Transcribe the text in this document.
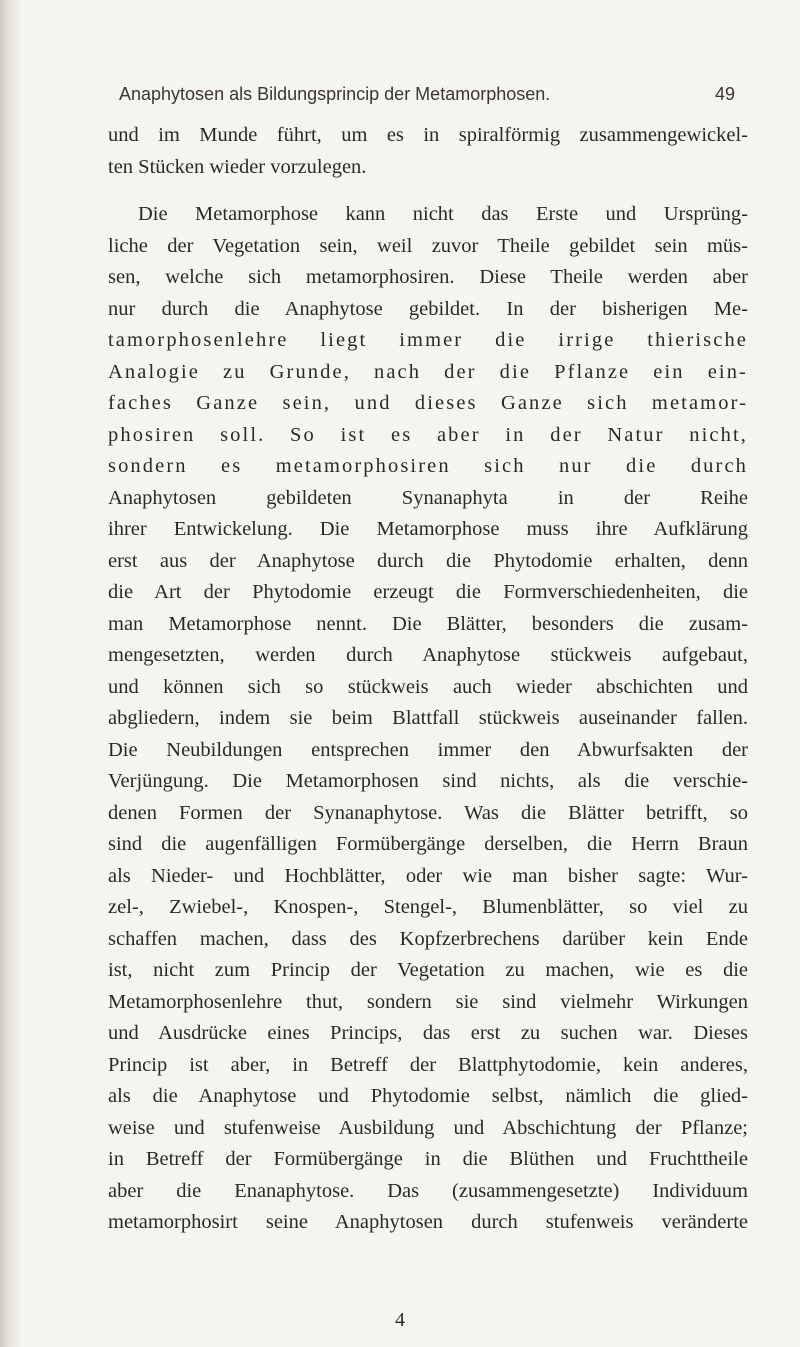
Anaphytosen als Bildungsprincip der Metamorphosen.	49
und im Munde führt, um es in spiralförmig zusammengewickel-
ten Stücken wieder vorzulegen.
Die Metamorphose kann nicht das Erste und Ursprüng-
liche der Vegetation sein, weil zuvor Theile gebildet sein müs-
sen, welche sich metamorphosiren. Diese Theile werden aber
nur durch die Anaphytose gebildet. In der bisherigen Me-
tamorphosenlehre liegt immer die irrige thierische
Analogie zu Grunde, nach der die Pflanze ein ein-
faches Ganze sein, und dieses Ganze sich metamor-
phosiren soll. So ist es aber in der Natur nicht,
sondern es metamorphosiren sich nur die durch
Anaphytosen gebildeten Synanaphyta in der Reihe
ihrer Entwickelung. Die Metamorphose muss ihre Aufklärung
erst aus der Anaphytose durch die Phytodomie erhalten, denn
die Art der Phytodomie erzeugt die Formverschiedenheiten, die
man Metamorphose nennt. Die Blätter, besonders die zusam-
mengesetzten, werden durch Anaphytose stückweis aufgebaut,
und können sich so stückweis auch wieder abschichten und
abgliedern, indem sie beim Blattfall stückweis auseinander fallen.
Die Neubildungen entsprechen immer den Abwurfsakten der
Verjüngung. Die Metamorphosen sind nichts, als die verschie-
denen Formen der Synanaphytose. Was die Blätter betrifft, so
sind die augenfälligen Formübergänge derselben, die Herrn Braun
als Nieder- und Hochblätter, oder wie man bisher sagte: Wur-
zel-, Zwiebel-, Knospen-, Stengel-, Blumenblätter, so viel zu
schaffen machen, dass des Kopfzerbrechens darüber kein Ende
ist, nicht zum Princip der Vegetation zu machen, wie es die
Metamorphosenlehre thut, sondern sie sind vielmehr Wirkungen
und Ausdrücke eines Princips, das erst zu suchen war. Dieses
Princip ist aber, in Betreff der Blattphytodomie, kein anderes,
als die Anaphytose und Phytodomie selbst, nämlich die glied-
weise und stufenweise Ausbildung und Abschichtung der Pflanze;
in Betreff der Formübergänge in die Blüthen und Fruchttheile
aber die Enanaphytose. Das (zusammengesetzte) Individuum
metamorphosirt seine Anaphytosen durch stufenweis veränderte
4
